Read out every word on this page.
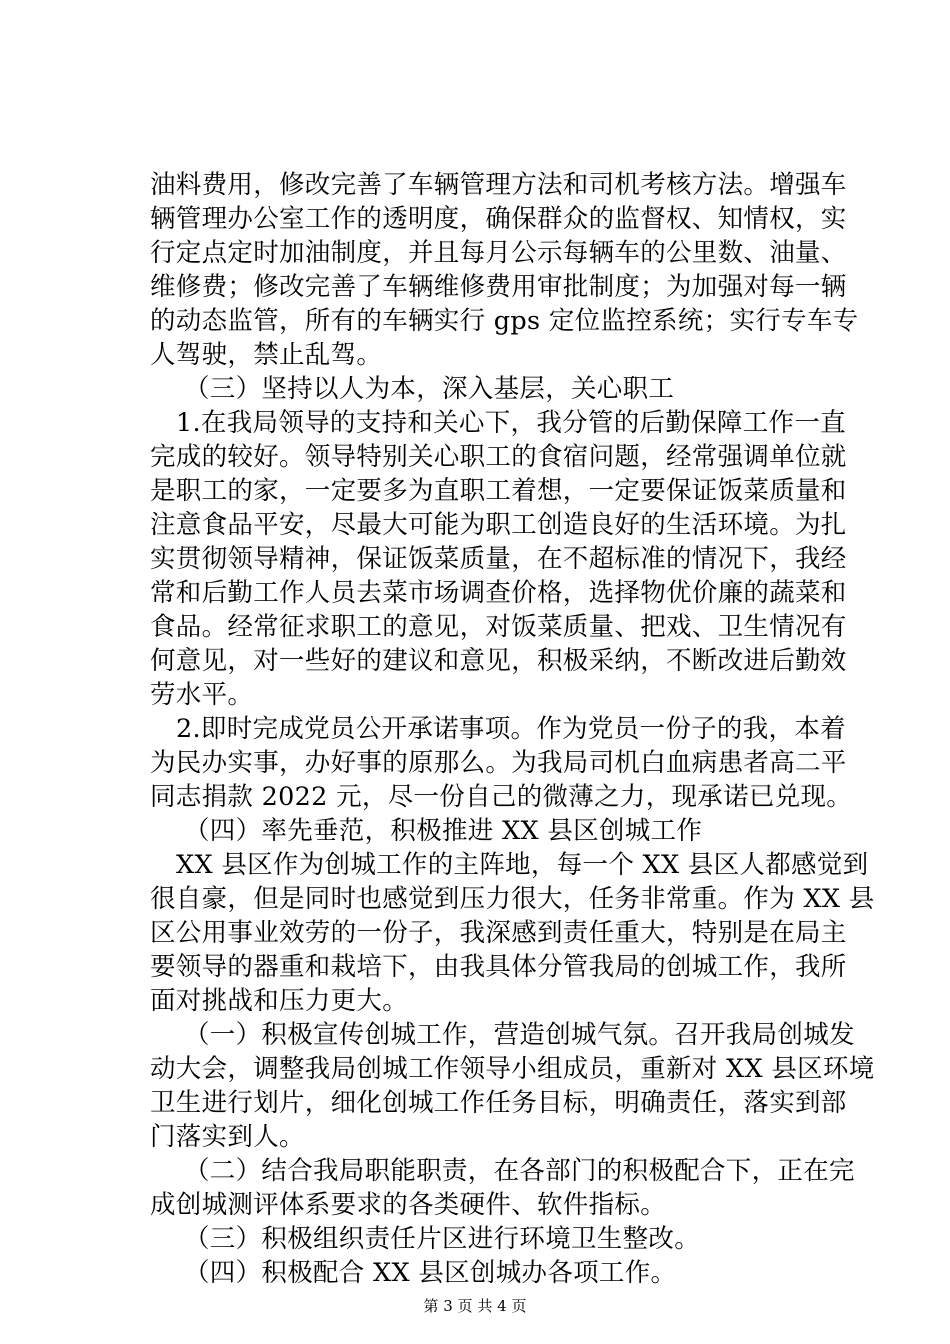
油料费用，修改完善了车辆管理方法和司机考核方法。增强车
辆管理办公室工作的透明度，确保群众的监督权、知情权，实
行定点定时加油制度，并且每月公示每辆车的公里数、油量、
维修费；修改完善了车辆维修费用审批制度；为加强对每一辆
的动态监管，所有的车辆实行 gps 定位监控系统；实行专车专
人驾驶，禁止乱驾。
（三）坚持以人为本，深入基层，关心职工
1.在我局领导的支持和关心下，我分管的后勤保障工作一直
完成的较好。领导特别关心职工的食宿问题，经常强调单位就
是职工的家，一定要多为直职工着想，一定要保证饭菜质量和
注意食品平安，尽最大可能为职工创造良好的生活环境。为扎
实贯彻领导精神，保证饭菜质量，在不超标准的情况下，我经
常和后勤工作人员去菜市场调查价格，选择物优价廉的蔬菜和
食品。经常征求职工的意见，对饭菜质量、把戏、卫生情况有
何意见，对一些好的建议和意见，积极采纳，不断改进后勤效
劳水平。
2.即时完成党员公开承诺事项。作为党员一份子的我，本着
为民办实事，办好事的原那么。为我局司机白血病患者高二平
同志捐款 2022 元，尽一份自己的微薄之力，现承诺已兑现。
（四）率先垂范，积极推进 XX 县区创城工作
XX 县区作为创城工作的主阵地，每一个 XX 县区人都感觉到
很自豪，但是同时也感觉到压力很大，任务非常重。作为 XX 县
区公用事业效劳的一份子，我深感到责任重大，特别是在局主
要领导的器重和栽培下，由我具体分管我局的创城工作，我所
面对挑战和压力更大。
（一）积极宣传创城工作，营造创城气氛。召开我局创城发
动大会，调整我局创城工作领导小组成员，重新对 XX 县区环境
卫生进行划片，细化创城工作任务目标，明确责任，落实到部
门落实到人。
（二）结合我局职能职责，在各部门的积极配合下，正在完
成创城测评体系要求的各类硬件、软件指标。
（三）积极组织责任片区进行环境卫生整改。
（四）积极配合 XX 县区创城办各项工作。
第 3 页 共 4 页
